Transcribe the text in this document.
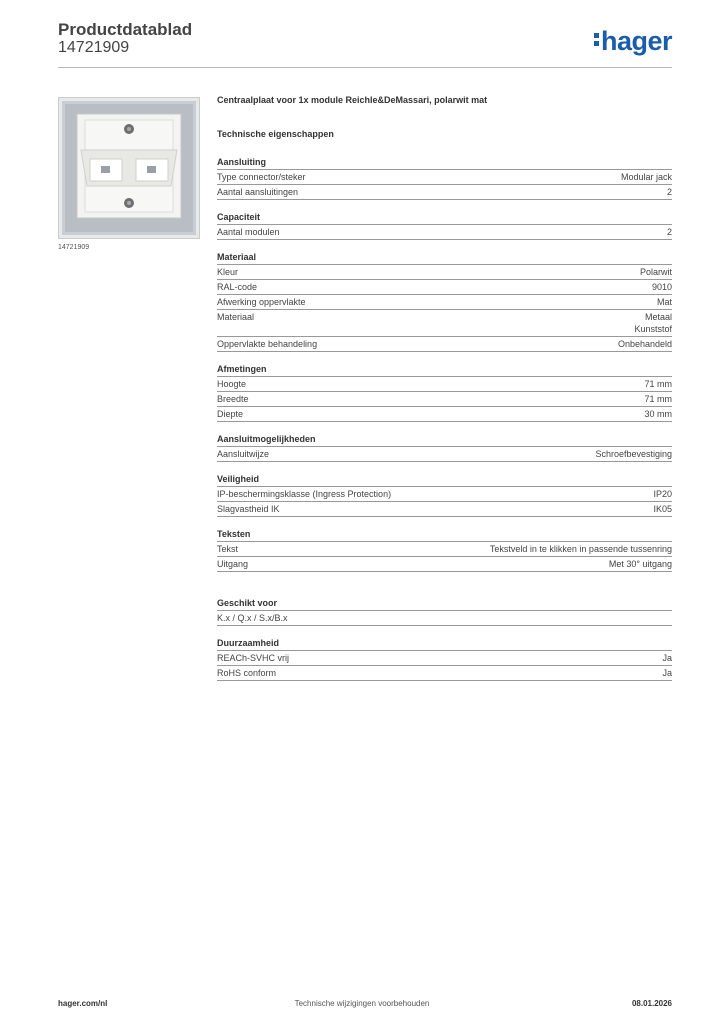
Productdatablad
14721909	hager
14721909
Centraalplaat voor 1x module Reichle&DeMassari, polarwit mat
Technische eigenschappen
Aansluiting
Type connector/steker	Modular jack
Aantal aansluitingen	2
Capaciteit
Aantal modulen	2
Materiaal
Kleur	Polarwit
RAL-code	9010
Afwerking oppervlakte	Mat
Materiaal	Metaal
Kunststof
Oppervlakte behandeling	Onbehandeld
Afmetingen
Hoogte	71 mm
Breedte	71 mm
Diepte	30 mm
Aansluitmogelijkheden
Aansluitwijze	Schroefbevestiging
Veiligheid
IP-beschermingsklasse (Ingress Protection)	IP20
Slagvastheid IK	IK05
Teksten
Tekst	Tekstveld in te klikken in passende tussenring
Uitgang	Met 30° uitgang
Geschikt voor
K.x / Q.x / S.x/B.x
Duurzaamheid
REACh-SVHC vrij	Ja
RoHS conform	Ja
Technische wijzigingen voorbehouden
hager.com/nl	08.01.2026
